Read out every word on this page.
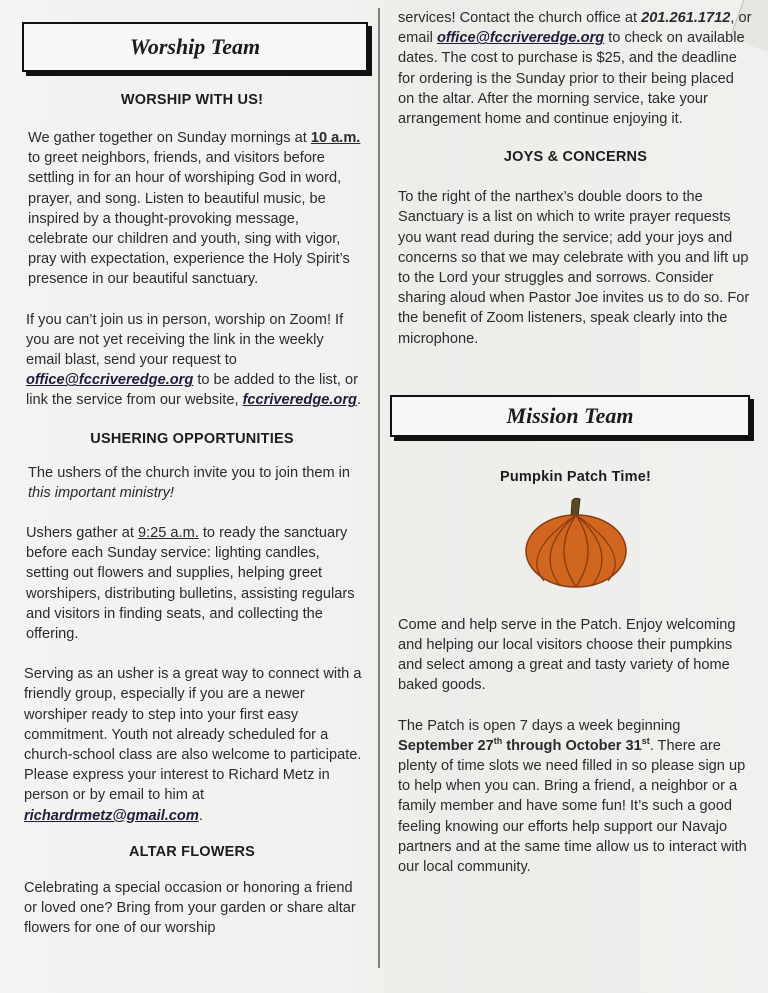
Worship Team
WORSHIP WITH US!

We gather together on Sunday mornings at 10 a.m. to greet neighbors, friends, and visitors before settling in for an hour of worshiping God in word, prayer, and song. Listen to beautiful music, be inspired by a thought-provoking message, celebrate our children and youth, sing with vigor, pray with expectation, experience the Holy Spirit’s presence in our beautiful sanctuary.

If you can’t join us in person, worship on Zoom! If you are not yet receiving the link in the weekly email blast, send your request to office@fccriveredge.org to be added to the list, or link the service from our website, fccriveredge.org.

USHERING OPPORTUNITIES

The ushers of the church invite you to join them in this important ministry!

Ushers gather at 9:25 a.m. to ready the sanctuary before each Sunday service: lighting candles, setting out flowers and supplies, helping greet worshipers, distributing bulletins, assisting regulars and visitors in finding seats, and collecting the offering.

Serving as an usher is a great way to connect with a friendly group, especially if you are a newer worshiper ready to step into your first easy commitment. Youth not already scheduled for a church-school class are also welcome to participate. Please express your interest to Richard Metz in person or by email to him at richardrmetz@gmail.com.

ALTAR FLOWERS

Celebrating a special occasion or honoring a friend or loved one? Bring from your garden or share altar flowers for one of our worship

services! Contact the church office at 201.261.1712, or email office@fccriveredge.org to check on available dates. The cost to purchase is $25, and the deadline for ordering is the Sunday prior to their being placed on the altar. After the morning service, take your arrangement home and continue enjoying it.

JOYS & CONCERNS

To the right of the narthex’s double doors to the Sanctuary is a list on which to write prayer requests you want read during the service; add your joys and concerns so that we may celebrate with you and lift up to the Lord your struggles and sorrows. Consider sharing aloud when Pastor Joe invites us to do so. For the benefit of Zoom listeners, speak clearly into the microphone.

Mission Team
Pumpkin Patch Time!

Come and help serve in the Patch. Enjoy welcoming and helping our local visitors choose their pumpkins and select among a great and tasty variety of home baked goods.

The Patch is open 7 days a week beginning September 27th through October 31st. There are plenty of time slots we need filled in so please sign up to help when you can. Bring a friend, a neighbor or a family member and have some fun! It’s such a good feeling knowing our efforts help support our Navajo partners and at the same time allow us to interact with our local community.
